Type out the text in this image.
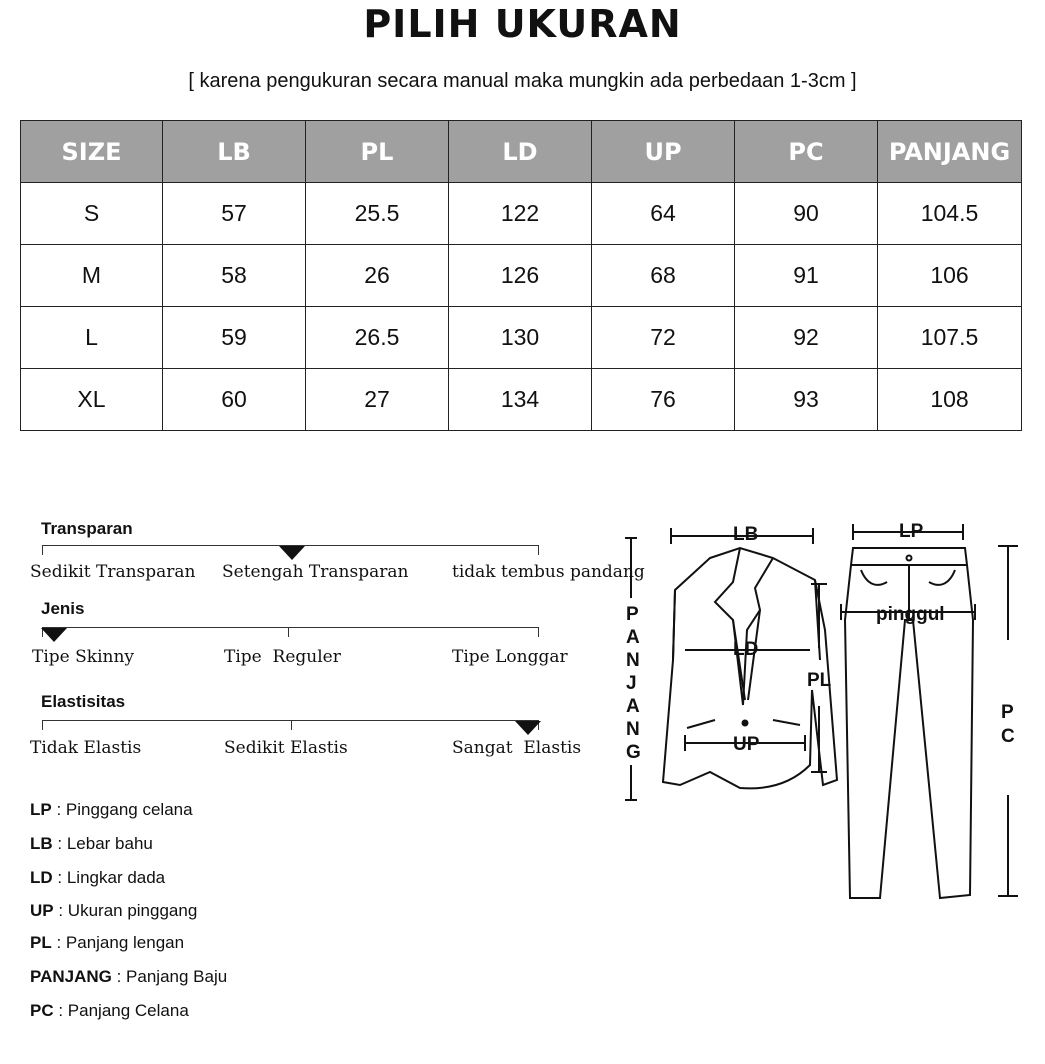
PILIH UKURAN
[ karena pengukuran secara manual maka mungkin ada perbedaan 1-3cm ]
SIZE	LB	PL	LD	UP	PC	PANJANG
S	57	25.5	122	64	90	104.5
M	58	26	126	68	91	106
L	59	26.5	130	72	92	107.5
XL	60	27	134	76	93	108
Transparan
Sedikit Transparan Setengah Transparan	tidak tembus pandang
Jenis
Tipe Skinny	Tipe  Reguler	Tipe Longgar
Elastisitas
Tidak Elastis	Sedikit Elastis	Sangat  Elastis
LP : Pinggang celana
LB : Lebar bahu
LD : Lingkar dada
UP : Ukuran pinggang
PL : Panjang lengan
PANJANG : Panjang Baju
PC : Panjang Celana
LB	LP
LD
UP
PL
pinggul
P
A
N
J
A
N
G
P
C
